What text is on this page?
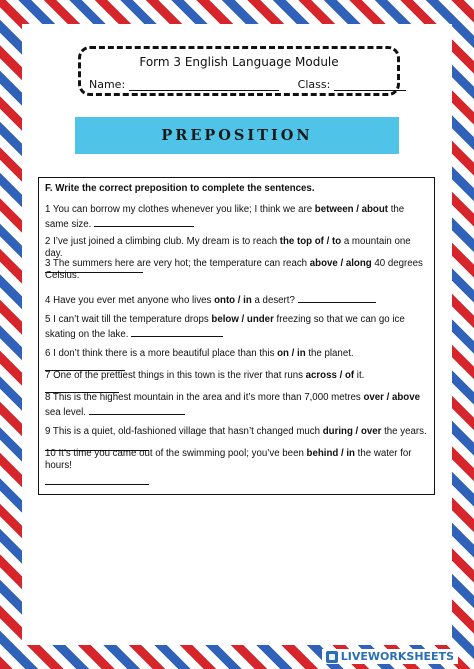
Form 3 English Language Module
Name:	Class:
PREPOSITION
F. Write the correct preposition to complete the sentences.
1 You can borrow my clothes whenever you like; I think we are between / about the same size.
2 I’ve just joined a climbing club. My dream is to reach the top of / to a mountain one day.
3 The summers here are very hot; the temperature can reach above / along 40 degrees Celsius.
4 Have you ever met anyone who lives onto / in a desert?
5 I can’t wait till the temperature drops below / under freezing so that we can go ice skating on the lake.
6 I don’t think there is a more beautiful place than this on / in the planet.
7 One of the prettiest things in this town is the river that runs across / of it.
8 This is the highest mountain in the area and it’s more than 7,000 metres over / above sea level.
9 This is a quiet, old-fashioned village that hasn’t changed much during / over the years.
10 It’s time you came out of the swimming pool; you’ve been behind / in the water for hours!
LIVEWORKSHEETS
